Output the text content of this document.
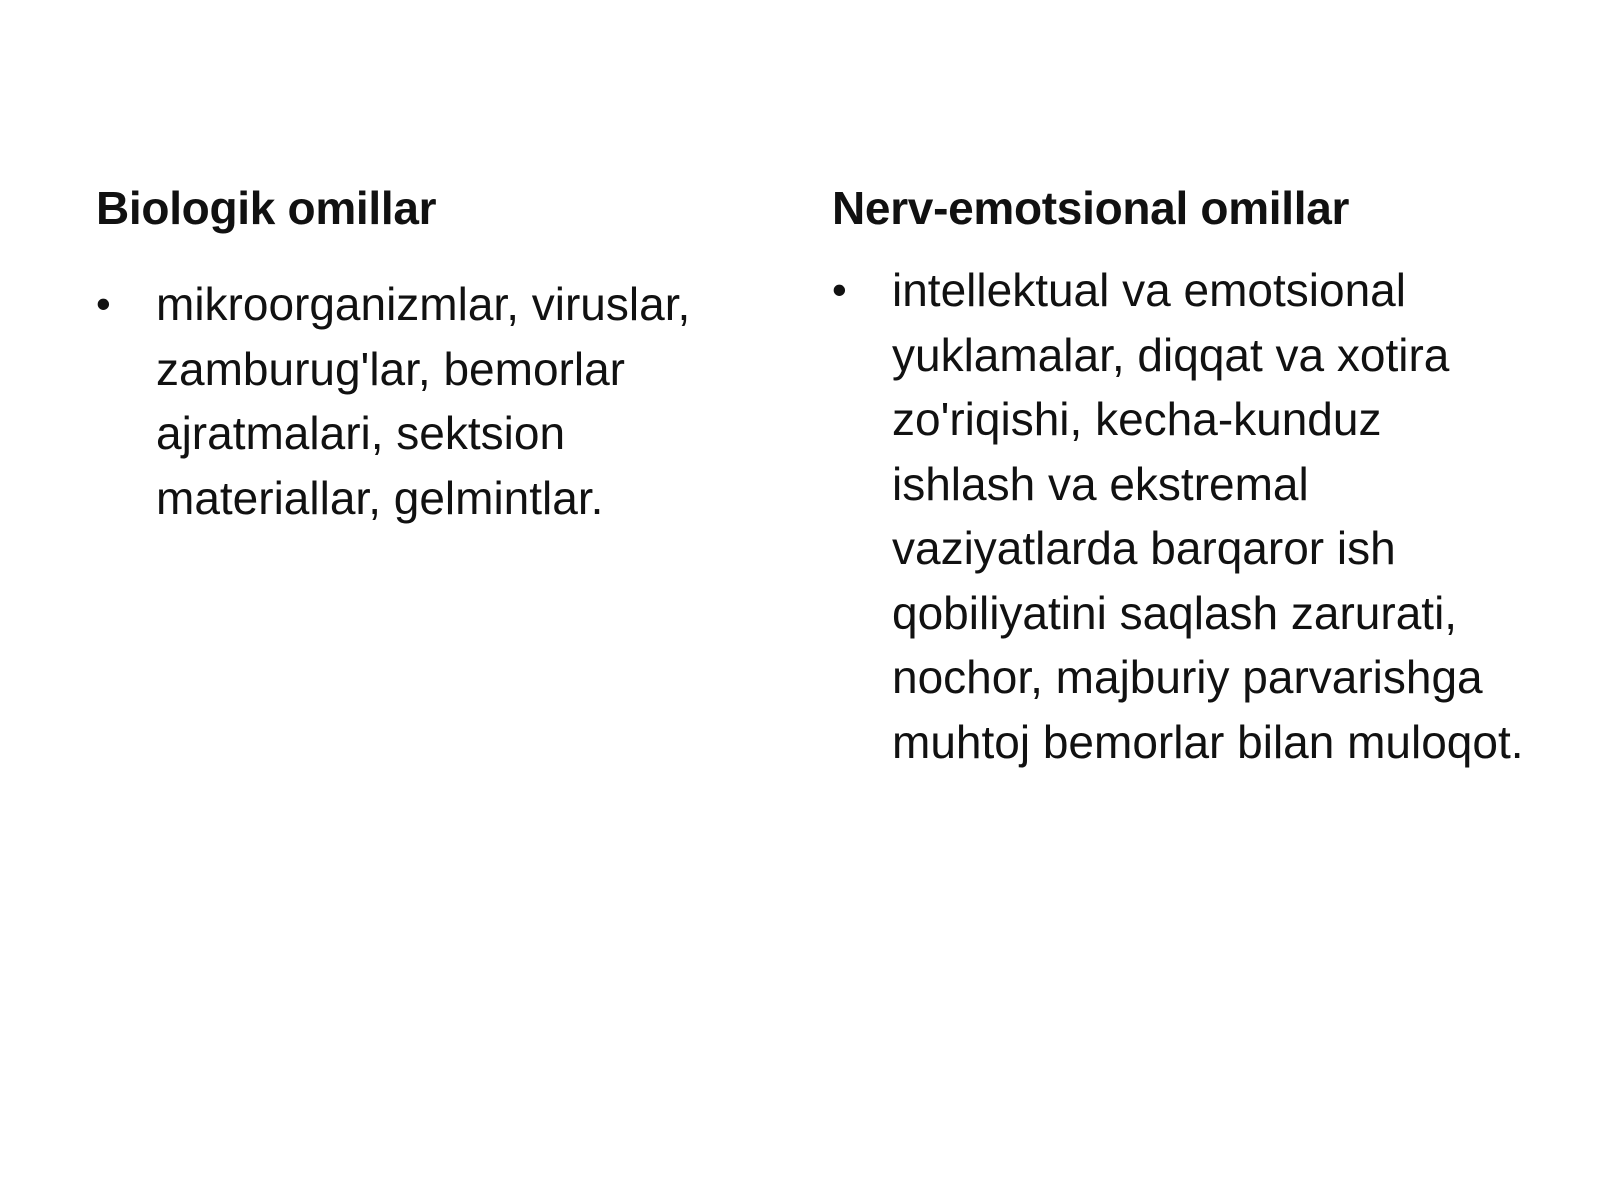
Biologik omillar
• mikroorganizmlar, viruslar, zamburug'lar, bemorlar ajratmalari, sektsion materiallar, gelmintlar.
Nerv-emotsional omillar
• intellektual va emotsional yuklamalar, diqqat va xotira zo'riqishi, kecha-kunduz ishlash va ekstremal vaziyatlarda barqaror ish qobiliyatini saqlash zarurati, nochor, majburiy parvarishga muhtoj bemorlar bilan muloqot.
